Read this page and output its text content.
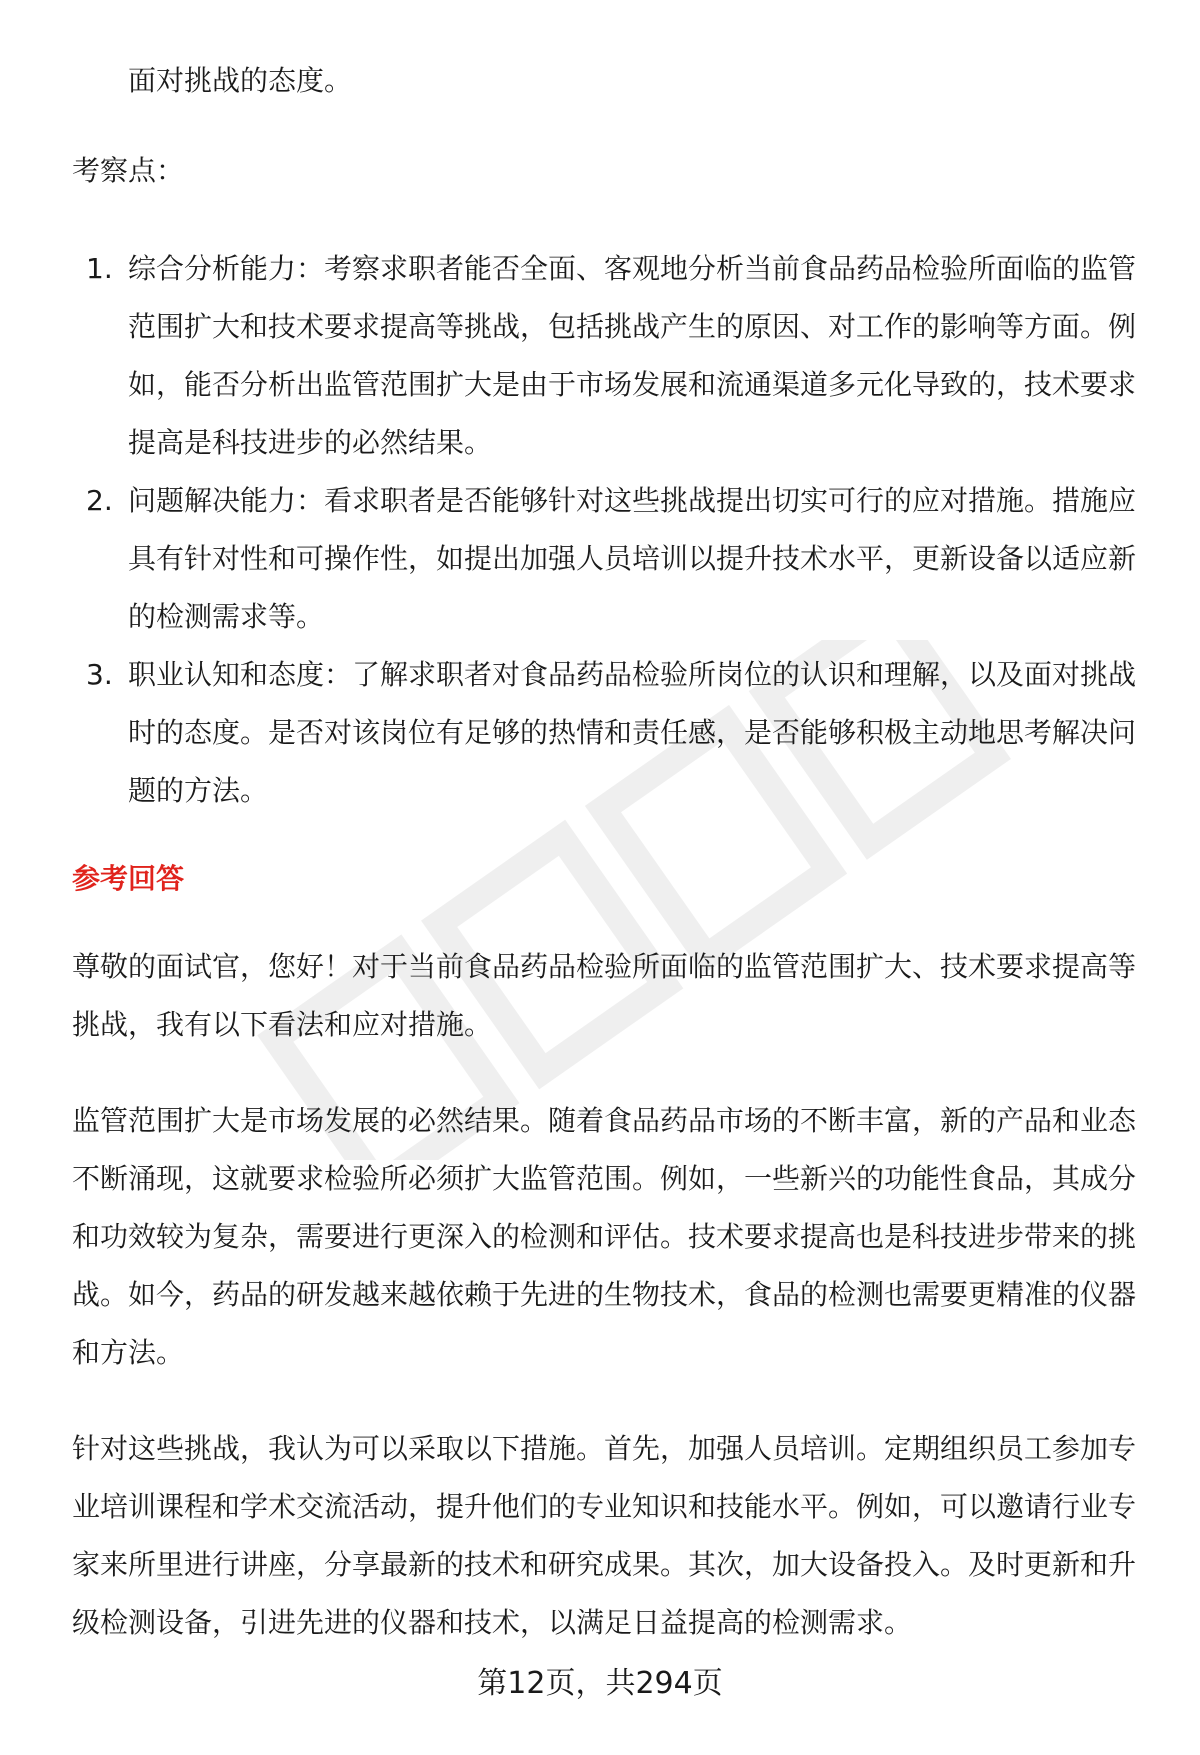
面对挑战的态度。

考察点：

1. 综合分析能力：考察求职者能否全面、客观地分析当前食品药品检验所面临的监管范围扩大和技术要求提高等挑战，包括挑战产生的原因、对工作的影响等方面。例如，能否分析出监管范围扩大是由于市场发展和流通渠道多元化导致的，技术要求提高是科技进步的必然结果。
2. 问题解决能力：看求职者是否能够针对这些挑战提出切实可行的应对措施。措施应具有针对性和可操作性，如提出加强人员培训以提升技术水平，更新设备以适应新的检测需求等。
3. 职业认知和态度：了解求职者对食品药品检验所岗位的认识和理解，以及面对挑战时的态度。是否对该岗位有足够的热情和责任感，是否能够积极主动地思考解决问题的方法。
参考回答

尊敬的面试官，您好！对于当前食品药品检验所面临的监管范围扩大、技术要求提高等挑战，我有以下看法和应对措施。

监管范围扩大是市场发展的必然结果。随着食品药品市场的不断丰富，新的产品和业态不断涌现，这就要求检验所必须扩大监管范围。例如，一些新兴的功能性食品，其成分和功效较为复杂，需要进行更深入的检测和评估。技术要求提高也是科技进步带来的挑战。如今，药品的研发越来越依赖于先进的生物技术，食品的检测也需要更精准的仪器和方法。

针对这些挑战，我认为可以采取以下措施。首先，加强人员培训。定期组织员工参加专业培训课程和学术交流活动，提升他们的专业知识和技能水平。例如，可以邀请行业专家来所里进行讲座，分享最新的技术和研究成果。其次，加大设备投入。及时更新和升级检测设备，引进先进的仪器和技术，以满足日益提高的检测需求。

第12页，共294页
